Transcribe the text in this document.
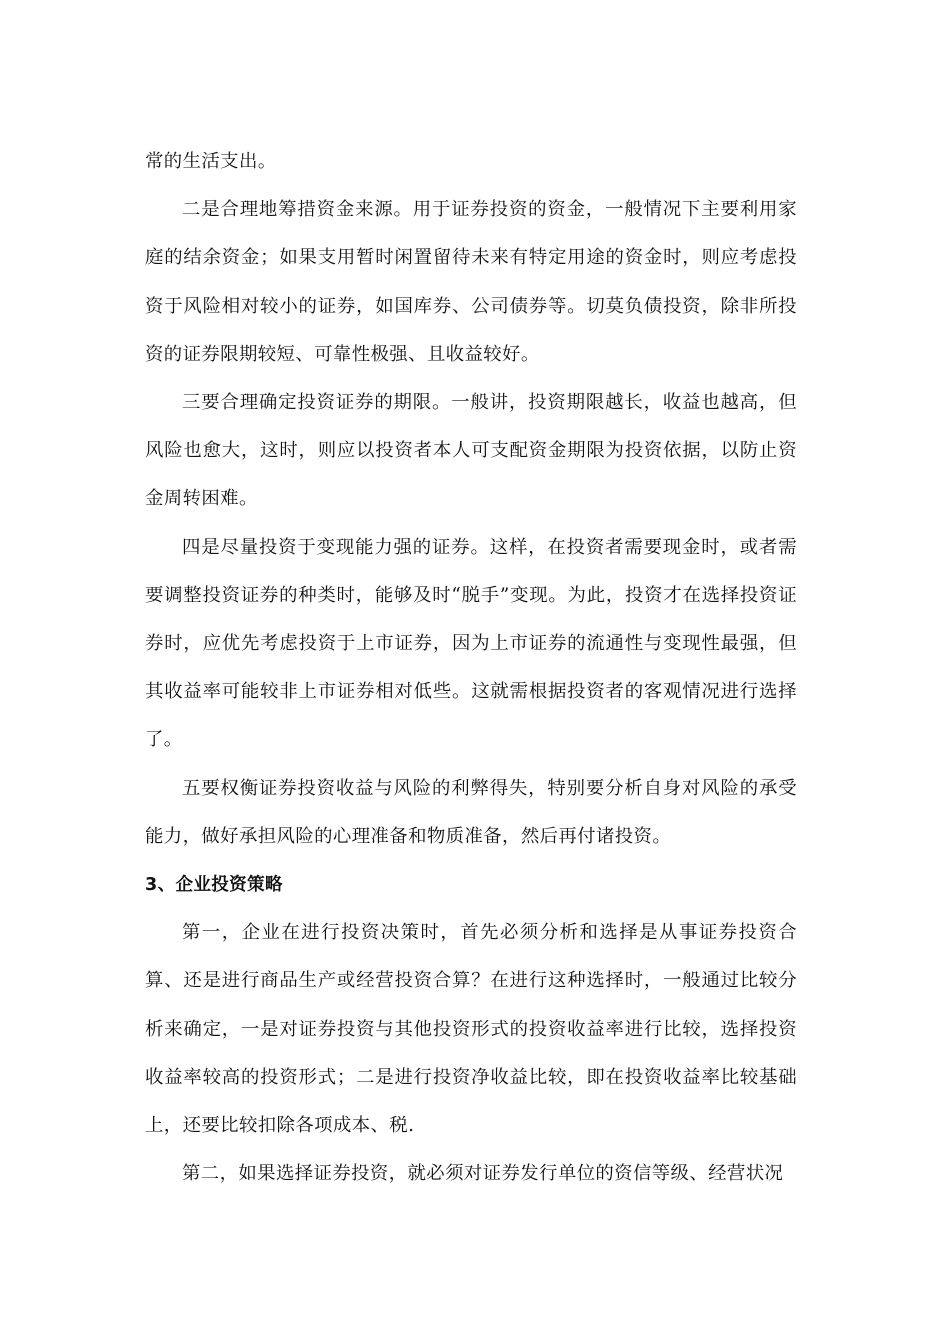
常的生活支出。

二是合理地筹措资金来源。用于证券投资的资金，一般情况下主要利用家庭的结余资金；如果支用暂时闲置留待未来有特定用途的资金时，则应考虑投资于风险相对较小的证券，如国库券、公司债券等。切莫负债投资，除非所投资的证券限期较短、可靠性极强、且收益较好。

三要合理确定投资证券的期限。一般讲，投资期限越长，收益也越高，但风险也愈大，这时，则应以投资者本人可支配资金期限为投资依据，以防止资金周转困难。

四是尽量投资于变现能力强的证券。这样，在投资者需要现金时，或者需要调整投资证券的种类时，能够及时“脱手”变现。为此，投资才在选择投资证券时，应优先考虑投资于上市证券，因为上市证券的流通性与变现性最强，但其收益率可能较非上市证券相对低些。这就需根据投资者的客观情况进行选择了。

五要权衡证券投资收益与风险的利弊得失，特别要分析自身对风险的承受能力，做好承担风险的心理准备和物质准备，然后再付诸投资。

3、企业投资策略

第一，企业在进行投资决策时，首先必须分析和选择是从事证券投资合算、还是进行商品生产或经营投资合算？在进行这种选择时，一般通过比较分析来确定，一是对证券投资与其他投资形式的投资收益率进行比较，选择投资收益率较高的投资形式；二是进行投资净收益比较，即在投资收益率比较基础上，还要比较扣除各项成本、税.

第二，如果选择证券投资，就必须对证券发行单位的资信等级、经营状况
